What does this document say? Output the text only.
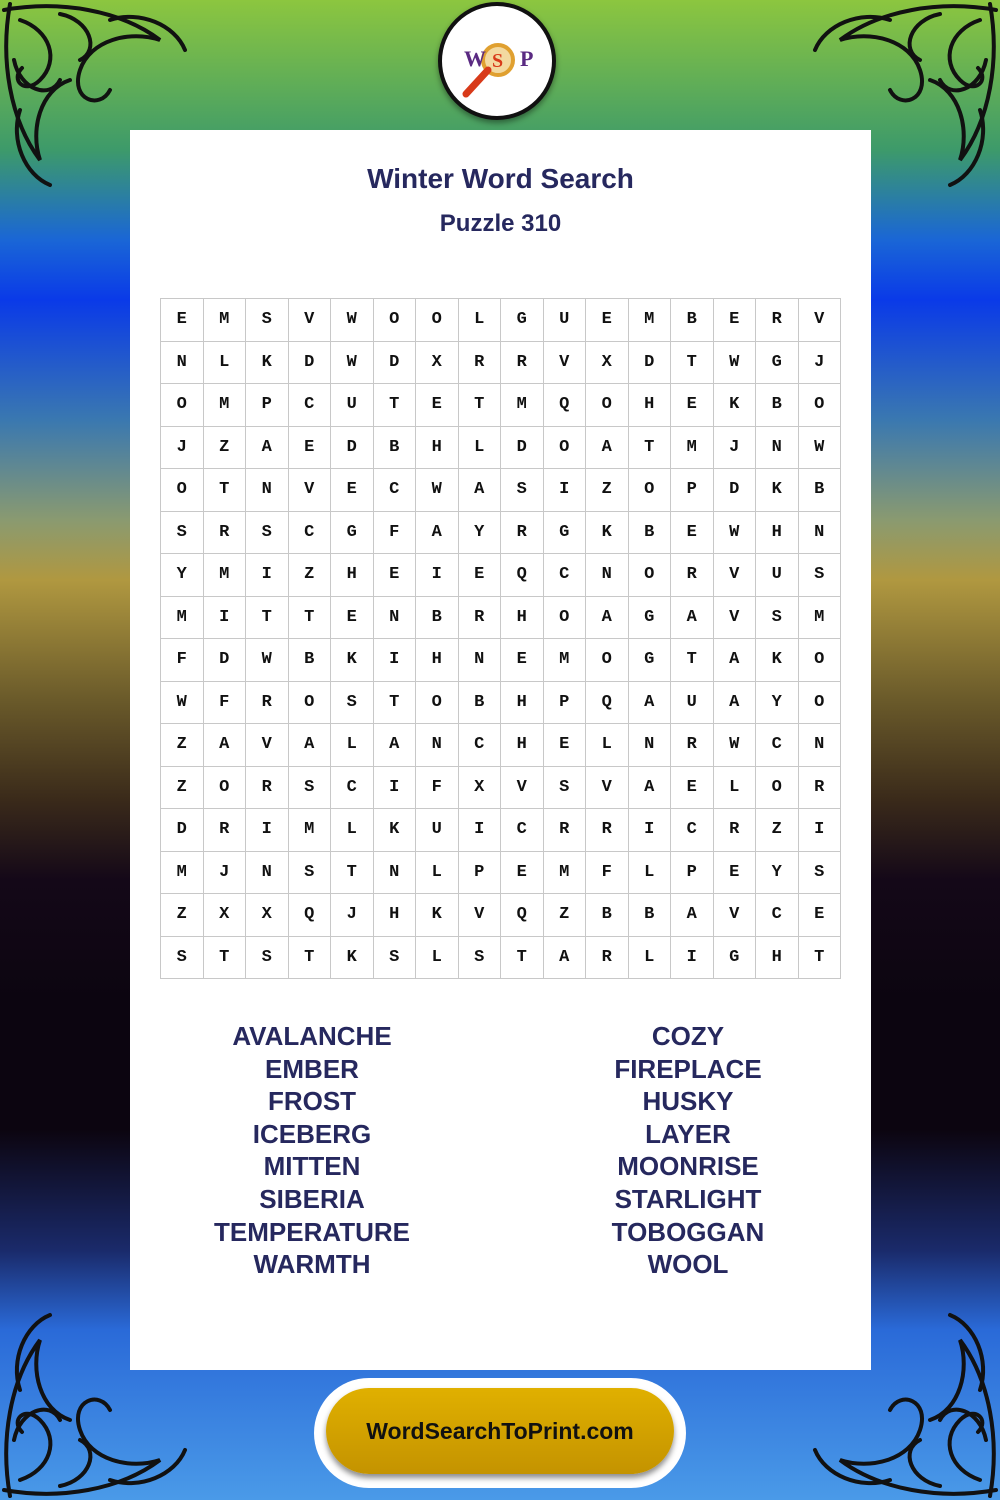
W S P
Winter Word Search
Puzzle 310
E	M	S	V	W	O	O	L	G	U	E	M	B	E	R	V
N	L	K	D	W	D	X	R	R	V	X	D	T	W	G	J
O	M	P	C	U	T	E	T	M	Q	O	H	E	K	B	O
J	Z	A	E	D	B	H	L	D	O	A	T	M	J	N	W
O	T	N	V	E	C	W	A	S	I	Z	O	P	D	K	B
S	R	S	C	G	F	A	Y	R	G	K	B	E	W	H	N
Y	M	I	Z	H	E	I	E	Q	C	N	O	R	V	U	S
M	I	T	T	E	N	B	R	H	O	A	G	A	V	S	M
F	D	W	B	K	I	H	N	E	M	O	G	T	A	K	O
W	F	R	O	S	T	O	B	H	P	Q	A	U	A	Y	O
Z	A	V	A	L	A	N	C	H	E	L	N	R	W	C	N
Z	O	R	S	C	I	F	X	V	S	V	A	E	L	O	R
D	R	I	M	L	K	U	I	C	R	R	I	C	R	Z	I
M	J	N	S	T	N	L	P	E	M	F	L	P	E	Y	S
Z	X	X	Q	J	H	K	V	Q	Z	B	B	A	V	C	E
S	T	S	T	K	S	L	S	T	A	R	L	I	G	H	T
AVALANCHE
EMBER
FROST
ICEBERG
MITTEN
SIBERIA
TEMPERATURE
WARMTH
COZY
FIREPLACE
HUSKY
LAYER
MOONRISE
STARLIGHT
TOBOGGAN
WOOL
WordSearchToPrint.com
